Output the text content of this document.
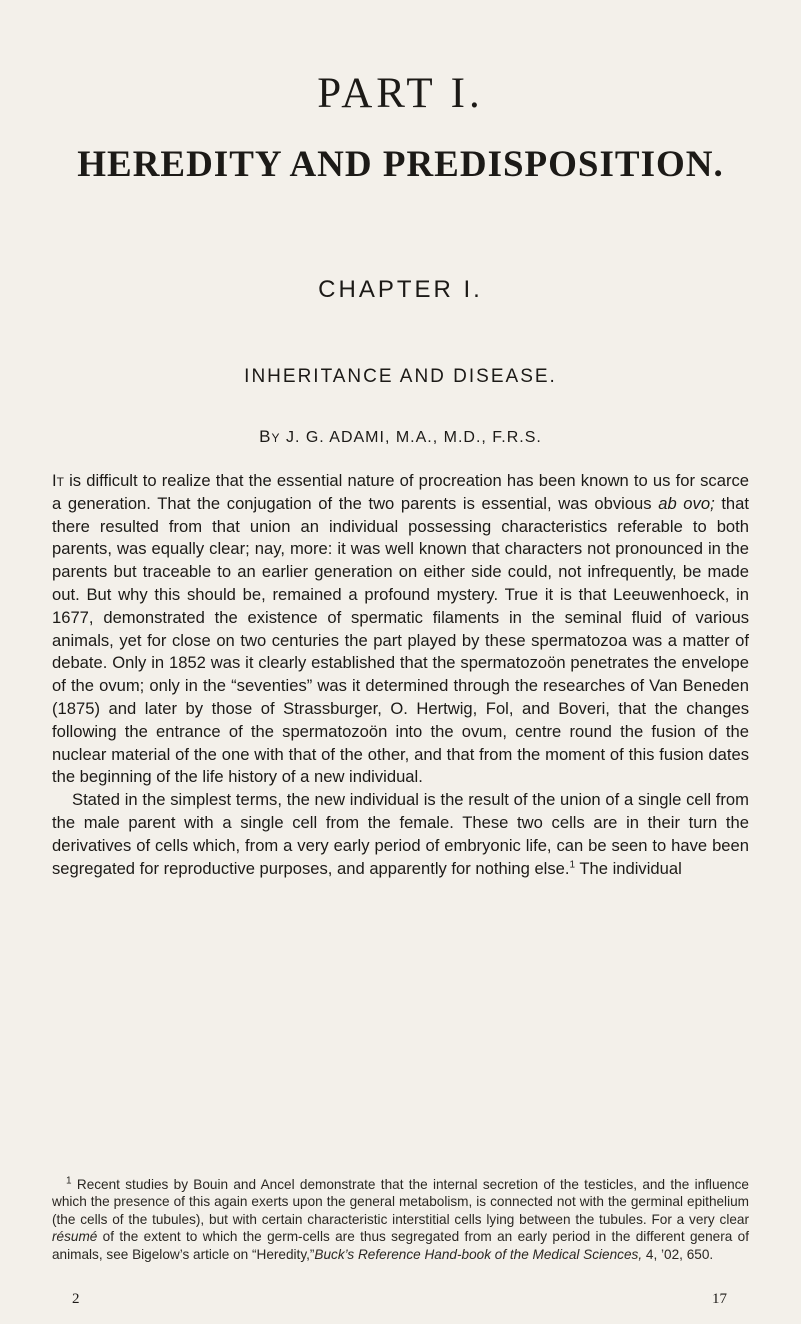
PART I.
HEREDITY AND PREDISPOSITION.
CHAPTER I.
INHERITANCE AND DISEASE.
By J. G. ADAMI, M.A., M.D., F.R.S.

It is difficult to realize that the essential nature of procreation has been known to us for scarce a generation. That the conjugation of the two parents is essential, was obvious ab ovo; that there resulted from that union an individual possessing characteristics referable to both parents, was equally clear; nay, more: it was well known that characters not pronounced in the parents but traceable to an earlier generation on either side could, not infrequently, be made out. But why this should be, remained a profound mystery. True it is that Leeuwenhoeck, in 1677, demonstrated the existence of spermatic filaments in the seminal fluid of various animals, yet for close on two centuries the part played by these spermatozoa was a matter of debate. Only in 1852 was it clearly established that the spermatozoön penetrates the envelope of the ovum; only in the “seventies” was it determined through the researches of Van Beneden (1875) and later by those of Strassburger, O. Hertwig, Fol, and Boveri, that the changes following the entrance of the spermatozoön into the ovum, centre round the fusion of the nuclear material of the one with that of the other, and that from the moment of this fusion dates the beginning of the life history of a new individual.

Stated in the simplest terms, the new individual is the result of the union of a single cell from the male parent with a single cell from the female. These two cells are in their turn the derivatives of cells which, from a very early period of embryonic life, can be seen to have been segregated for reproductive purposes, and apparently for nothing else.$^1$ The individual

$^1$ Recent studies by Bouin and Ancel demonstrate that the internal secretion of the testicles, and the influence which the presence of this again exerts upon the general metabolism, is connected not with the germinal epithelium (the cells of the tubules), but with certain characteristic interstitial cells lying between the tubules. For a very clear résumé of the extent to which the germ-cells are thus segregated from an early period in the different genera of animals, see Bigelow’s article on “Heredity,”Buck’s Reference Hand-book of the Medical Sciences, 4, ’02, 650.

2	17
